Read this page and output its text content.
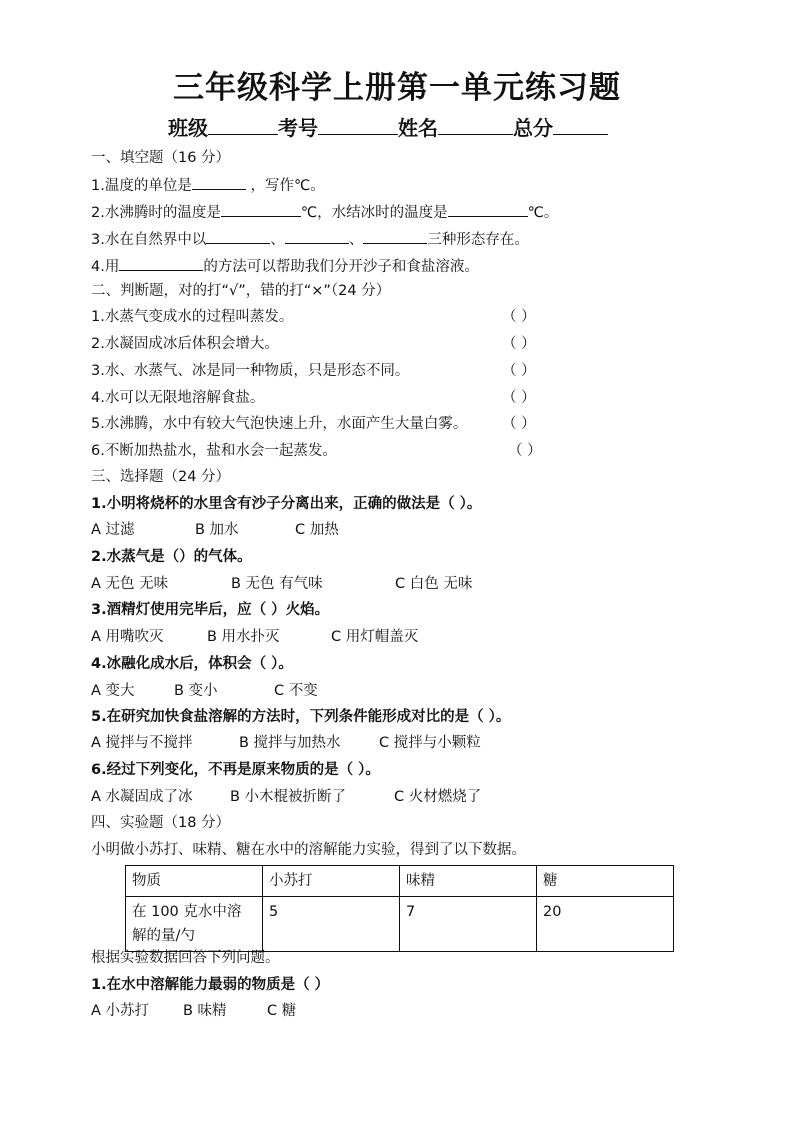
三年级科学上册第一单元练习题
班级	考号	姓名	总分
一、填空题（16 分）
1.温度的单位是	，写作℃。
2.水沸腾时的温度是	℃，水结冰时的温度是	℃。
3.水在自然界中以	、	、	三种形态存在。
4.用	的方法可以帮助我们分开沙子和食盐溶液。
二、判断题，对的打“√”，错的打“×”（24 分）
1.水蒸气变成水的过程叫蒸发。	（ ）
2.水凝固成冰后体积会增大。	（ ）
3.水、水蒸气、冰是同一种物质，只是形态不同。	（ ）
4.水可以无限地溶解食盐。	（ ）
5.水沸腾，水中有较大气泡快速上升，水面产生大量白雾。 （ ）
6.不断加热盐水，盐和水会一起蒸发。	（ ）
三、选择题（24 分）
1.小明将烧杯的水里含有沙子分离出来，正确的做法是（ ）。
A 过滤	B 加水	C 加热
2.水蒸气是（）的气体。
A 无色 无味	B 无色 有气味	C 白色 无味
3.酒精灯使用完毕后，应（ ）火焰。
A 用嘴吹灭	B 用水扑灭	C 用灯帽盖灭
4.冰融化成水后，体积会（ ）。
A 变大	B 变小	C 不变
5.在研究加快食盐溶解的方法时，下列条件能形成对比的是（ ）。
A 搅拌与不搅拌	B 搅拌与加热水	C 搅拌与小颗粒
6.经过下列变化，不再是原来物质的是（ ）。
A 水凝固成了冰	B 小木棍被折断了	C 火材燃烧了
四、实验题（18 分）
小明做小苏打、味精、糖在水中的溶解能力实验，得到了以下数据。
物质	小苏打	味精	糖
在 100 克水中溶
解的量/勺	5	7	20
根据实验数据回答下列问题。
1.在水中溶解能力最弱的物质是（ ）
A 小苏打 B 味精	C 糖
